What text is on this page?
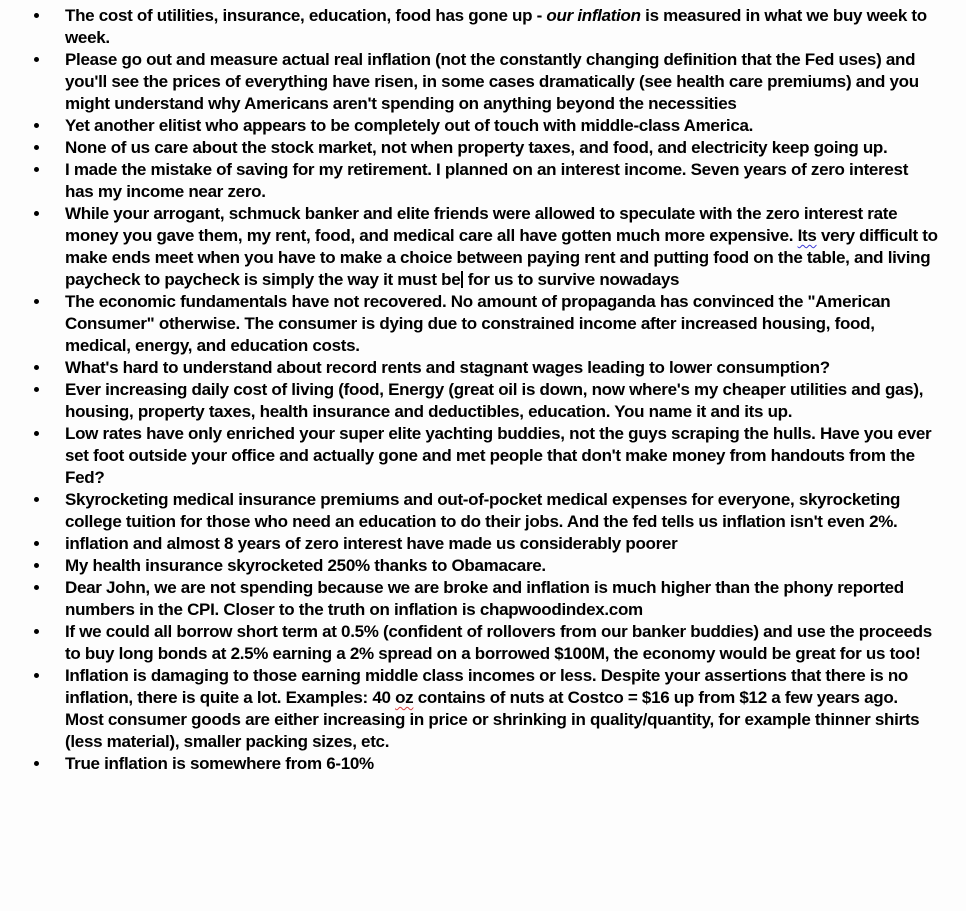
The cost of utilities, insurance, education, food has gone up - our inflation is measured in what we buy week to week.
Please go out and measure actual real inflation (not the constantly changing definition that the Fed uses) and you'll see the prices of everything have risen, in some cases dramatically (see health care premiums) and you might understand why Americans aren't spending on anything beyond the necessities
Yet another elitist who appears to be completely out of touch with middle-class America.
None of us care about the stock market, not when property taxes, and food, and electricity keep going up.
I made the mistake of saving for my retirement. I planned on an interest income. Seven years of zero interest has my income near zero.
While your arrogant, schmuck banker and elite friends were allowed to speculate with the zero interest rate money you gave them, my rent, food, and medical care all have gotten much more expensive. Its very difficult to make ends meet when you have to make a choice between paying rent and putting food on the table, and living paycheck to paycheck is simply the way it must be for us to survive nowadays
The economic fundamentals have not recovered. No amount of propaganda has convinced the "American Consumer" otherwise. The consumer is dying due to constrained income after increased housing, food, medical, energy, and education costs.
What's hard to understand about record rents and stagnant wages leading to lower consumption?
Ever increasing daily cost of living (food, Energy (great oil is down, now where's my cheaper utilities and gas), housing, property taxes, health insurance and deductibles, education. You name it and its up.
Low rates have only enriched your super elite yachting buddies, not the guys scraping the hulls. Have you ever set foot outside your office and actually gone and met people that don't make money from handouts from the Fed?
Skyrocketing medical insurance premiums and out-of-pocket medical expenses for everyone, skyrocketing college tuition for those who need an education to do their jobs. And the fed tells us inflation isn't even 2%.
inflation and almost 8 years of zero interest have made us considerably poorer
My health insurance skyrocketed 250% thanks to Obamacare.
Dear John, we are not spending because we are broke and inflation is much higher than the phony reported numbers in the CPI. Closer to the truth on inflation is chapwoodindex.com
If we could all borrow short term at 0.5% (confident of rollovers from our banker buddies) and use the proceeds to buy long bonds at 2.5% earning a 2% spread on a borrowed $100M, the economy would be great for us too!
Inflation is damaging to those earning middle class incomes or less. Despite your assertions that there is no inflation, there is quite a lot. Examples: 40 oz contains of nuts at Costco = $16 up from $12 a few years ago. Most consumer goods are either increasing in price or shrinking in quality/quantity, for example thinner shirts (less material), smaller packing sizes, etc.
True inflation is somewhere from 6-10%
